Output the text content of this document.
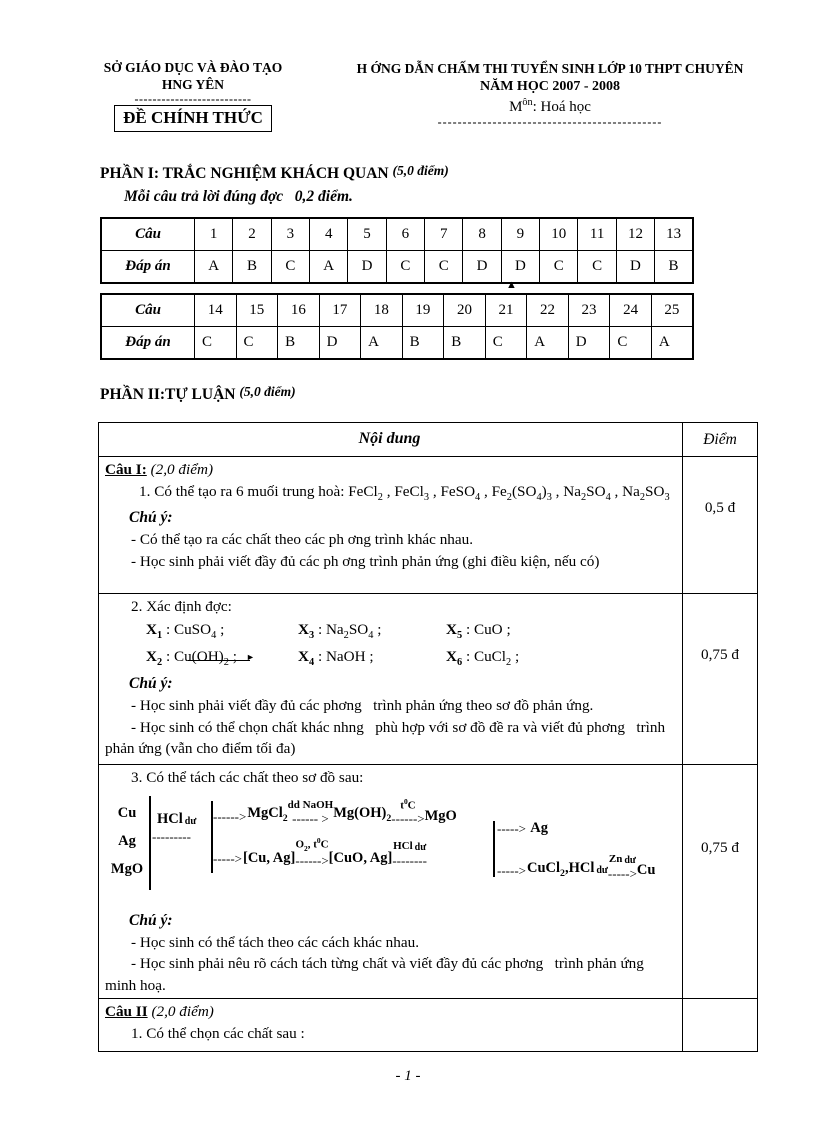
SỞ GIÁO DỤC VÀ ĐÀO TẠO
HNG YÊN
--------------------------
ĐỀ CHÍNH THỨC
H ỚNG DẪN CHẤM THI TUYỂN SINH LỚP 10 THPT CHUYÊN
NĂM HỌC 2007 - 2008
$M^{ôn}$: Hoá học
---------------------------------------------
PHẦN I: TRẮC NGHIỆM KHÁCH QUAN (5,0 điểm)
Mỗi câu trả lời đúng đợc   0,2 điểm.
Câu	1	2	3	4	5	6	7	8	9	10	11	12	13
Đáp án	A	B	C	A	D	C	C	D	D	C	C	D	B
▲
Câu	14	15	16	17	18	19	20	21	22	23	24	25
Đáp án	C	C	B	D	A	B	B	C	A	D	C	A
PHẦN II:TỰ LUẬN (5,0 điểm)
Nội dung	Điểm
Câu I: (2,0 điểm)
1. Có thể tạo ra 6 muối trung hoà: FeCl$_2$ , FeCl$_3$ , FeSO$_4$ , $Fe_2(SO_4)_3$ , $Na_2SO_4$ , $Na_2SO_3$
Chú ý:
- Có thể tạo ra các chất theo các ph ơng trình khác nhau.
- Học sinh phải viết đầy đủ các ph ơng trình phản ứng (ghi điều kiện, nếu có)
0,5 đ
2. Xác định đợc:
$X_1$ : CuSO$_4$ ;	$X_3$ : $Na_2SO_4$ ;	$X_5$ : CuO ;
$X_2$ : $Cu(OH)_2$ ; ►	$X_4$ : NaOH ;	$X_6$ : CuCl$_2$ ;
Chú ý:
- Học sinh phải viết đầy đủ các phơng   trình phản ứng theo sơ đồ phản ứng.
- Học sinh có thể chọn chất khác nhng   phù hợp với sơ đồ đề ra và viết đủ phơng   trình phản ứng (vẫn cho điểm tối đa)
0,75 đ
3. Có thể tách các chất theo sơ đồ sau:
Cu
Ag
MgO
HCl dư
---------
------> MgCl$_2$
dd NaOH
------ > $Mg(OH)_2$
$t^0C$
------> MgO
-----> [Cu, Ag]
$O_2$, $t^0C$
------> [CuO, Ag]
HCl dư
--------
-----> Ag
-----> CuCl$_2$,HCl dư
Zn dư
-----> Cu
Chú ý:
- Học sinh có thể tách theo các cách khác nhau.
- Học sinh phải nêu rõ cách tách từng chất và viết đầy đủ các phơng   trình phản ứng minh hoạ.
0,75 đ
Câu II (2,0 điểm)
1. Có thể chọn các chất sau :
- 1 -
